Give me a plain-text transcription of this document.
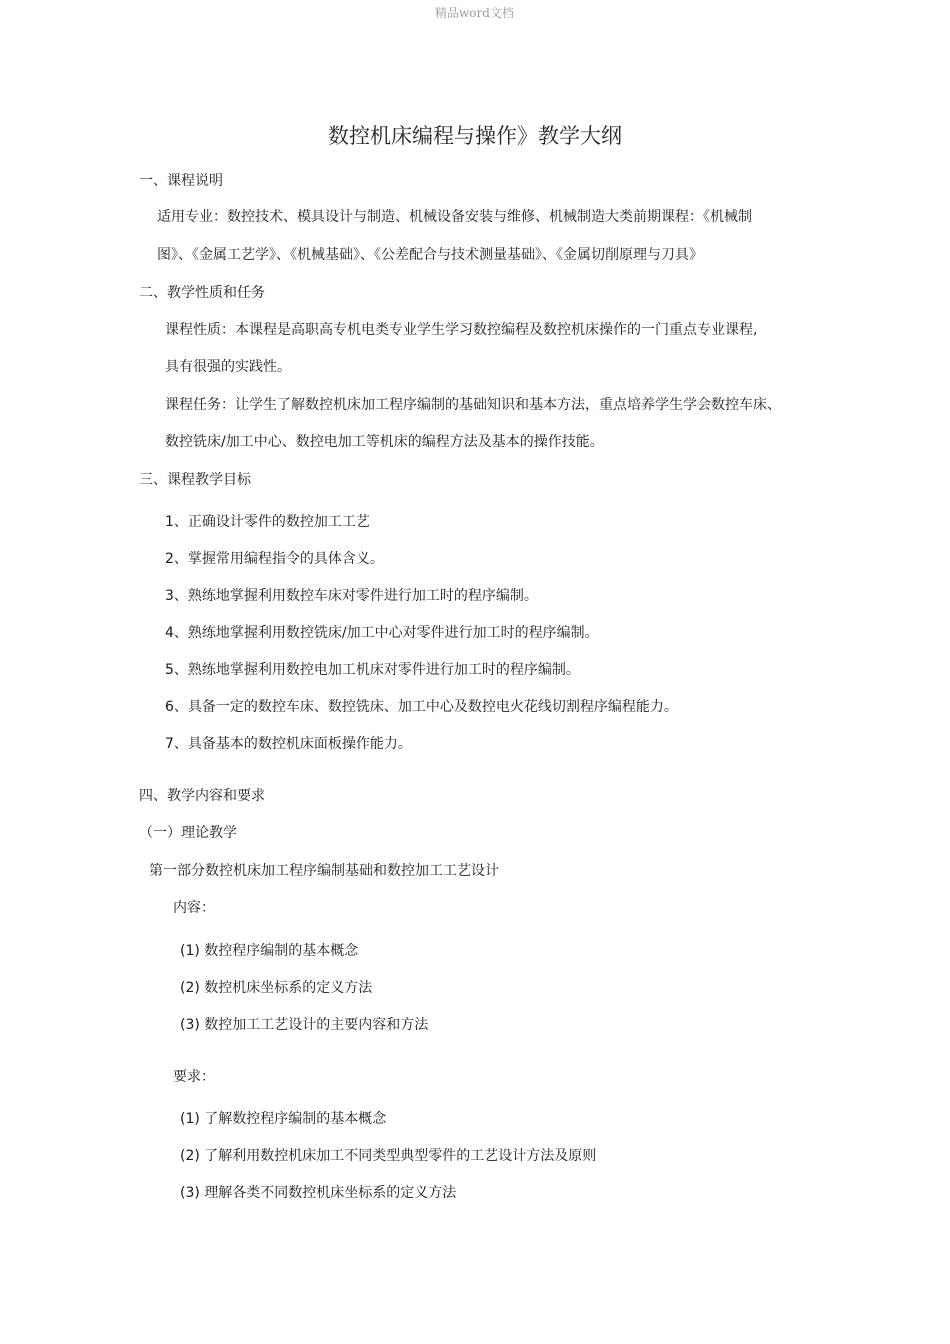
精品word文档
数控机床编程与操作》教学大纲
一、课程说明
适用专业：数控技术、模具设计与制造、机械设备安装与维修、机械制造大类前期课程：《机械制
图》、《金属工艺学》、《机械基础》、《公差配合与技术测量基础》、《金属切削原理与刀具》
二、教学性质和任务
课程性质：本课程是高职高专机电类专业学生学习数控编程及数控机床操作的一门重点专业课程,
具有很强的实践性。
课程任务：让学生了解数控机床加工程序编制的基础知识和基本方法，重点培养学生学会数控车床、
数控铣床/加工中心、数控电加工等机床的编程方法及基本的操作技能。
三、课程教学目标
1、正确设计零件的数控加工工艺
2、掌握常用编程指令的具体含义。
3、熟练地掌握利用数控车床对零件进行加工时的程序编制。
4、熟练地掌握利用数控铣床/加工中心对零件进行加工时的程序编制。
5、熟练地掌握利用数控电加工机床对零件进行加工时的程序编制。
6、具备一定的数控车床、数控铣床、加工中心及数控电火花线切割程序编程能力。
7、具备基本的数控机床面板操作能力。
四、教学内容和要求
（一）理论教学
第一部分数控机床加工程序编制基础和数控加工工艺设计
内容：
(1) 数控程序编制的基本概念
(2) 数控机床坐标系的定义方法
(3) 数控加工工艺设计的主要内容和方法
要求：
(1) 了解数控程序编制的基本概念
(2) 了解利用数控机床加工不同类型典型零件的工艺设计方法及原则
(3) 理解各类不同数控机床坐标系的定义方法
